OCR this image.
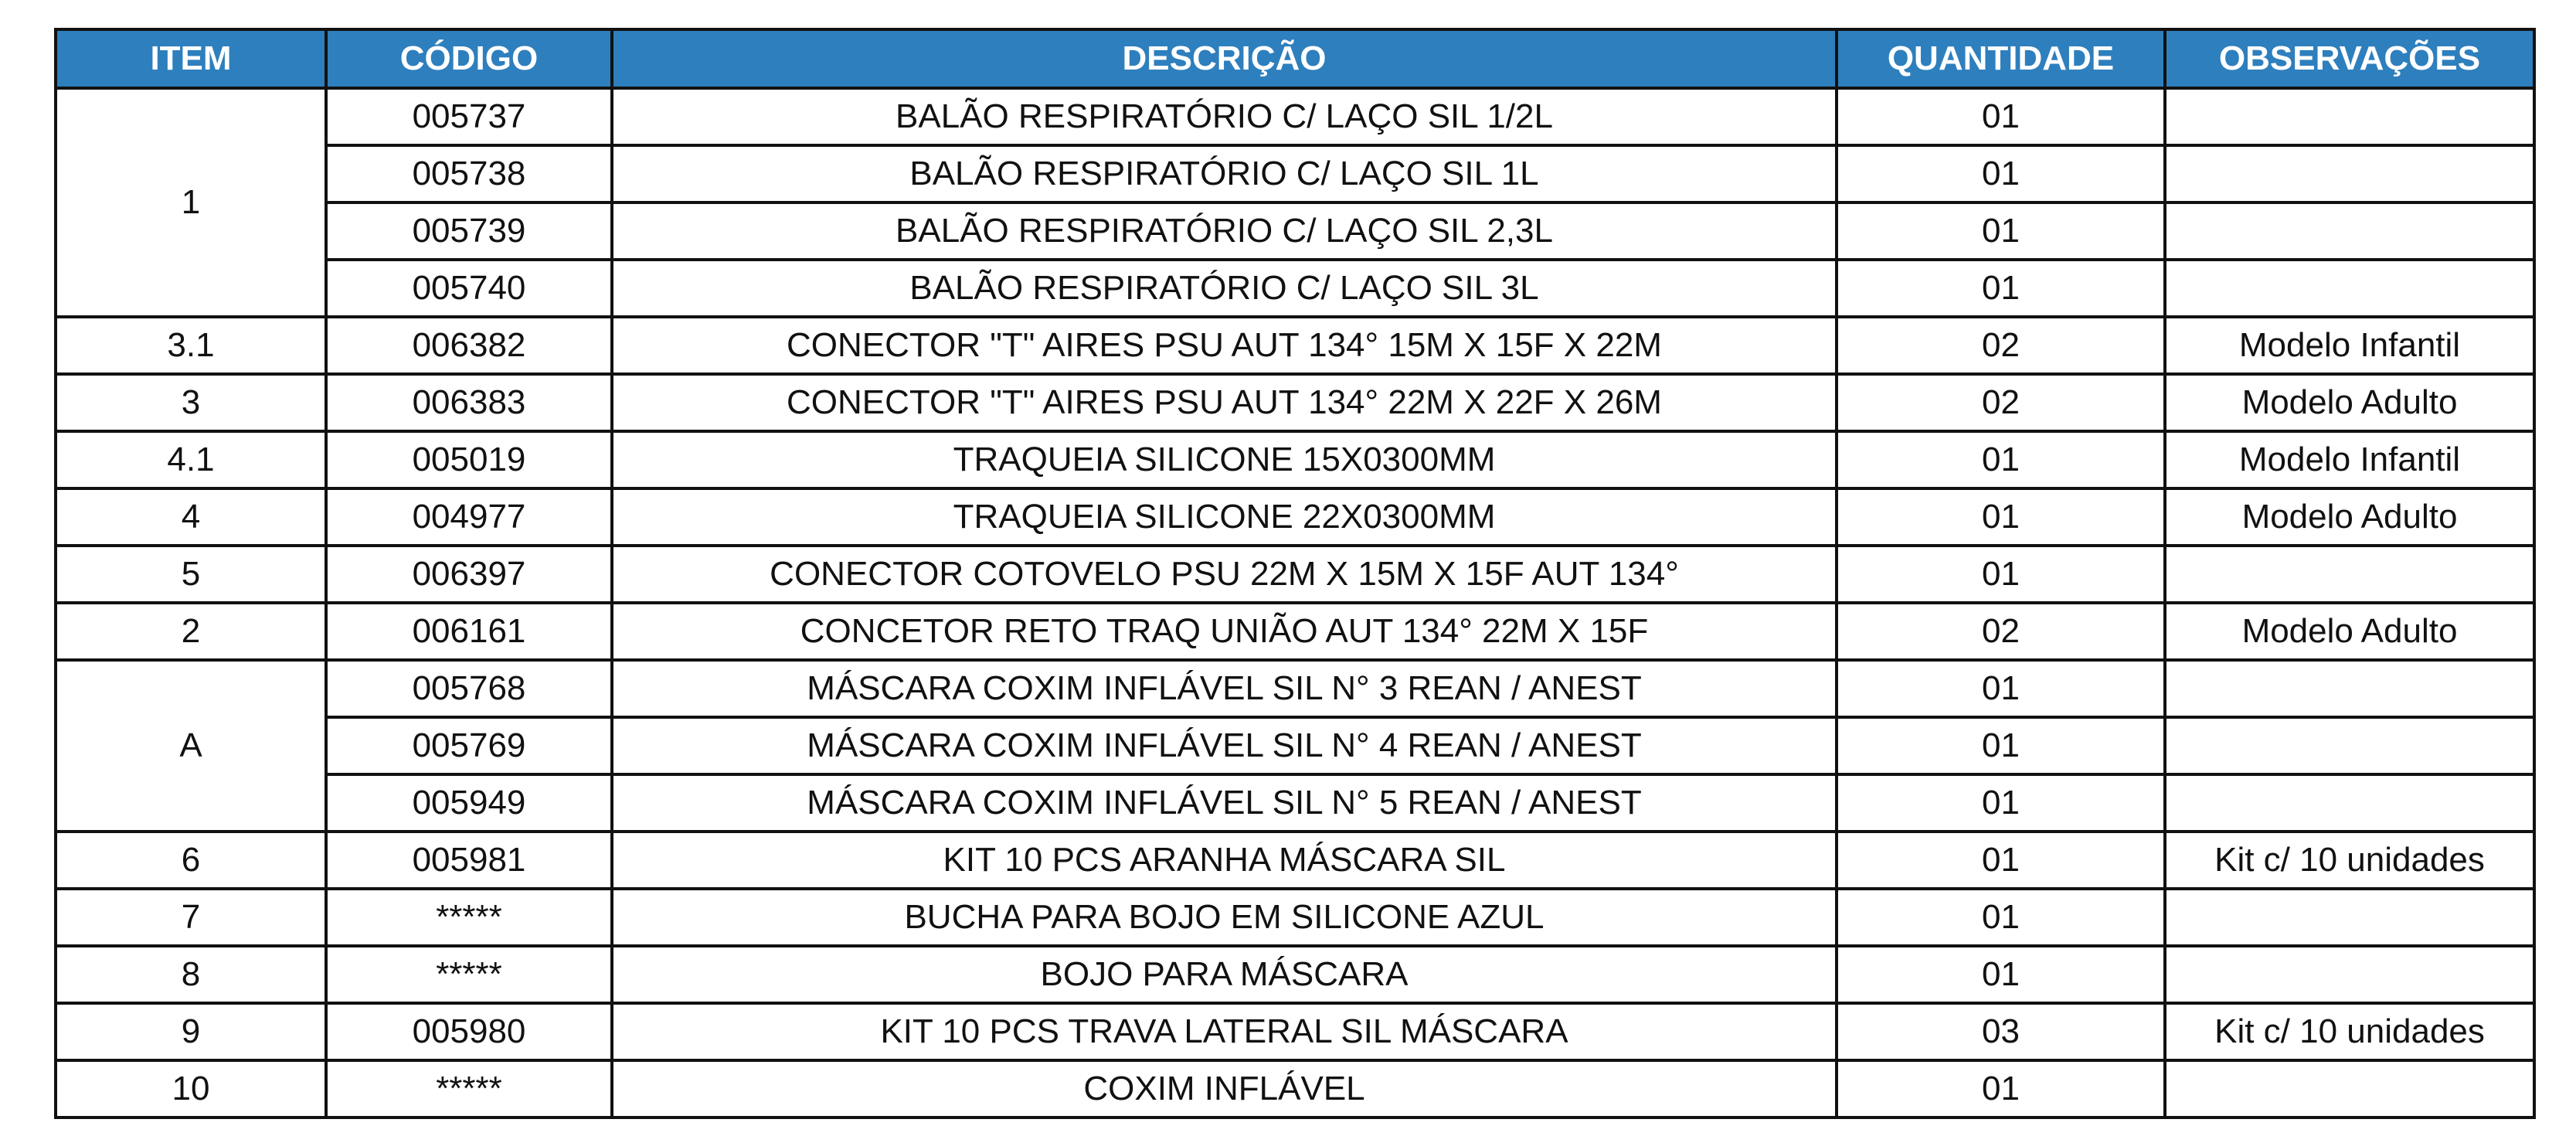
ITEM	CÓDIGO	DESCRIÇÃO	QUANTIDADE	OBSERVAÇÕES
1	005737	BALÃO RESPIRATÓRIO C/ LAÇO SIL 1/2L	01	
	005738	BALÃO RESPIRATÓRIO C/ LAÇO SIL 1L	01	
	005739	BALÃO RESPIRATÓRIO C/ LAÇO SIL 2,3L	01	
	005740	BALÃO RESPIRATÓRIO C/ LAÇO SIL 3L	01	
3.1	006382	CONECTOR "T" AIRES PSU AUT 134° 15M X 15F X 22M	02	Modelo Infantil
3	006383	CONECTOR "T" AIRES PSU AUT 134° 22M X 22F X 26M	02	Modelo Adulto
4.1	005019	TRAQUEIA SILICONE 15X0300MM	01	Modelo Infantil
4	004977	TRAQUEIA SILICONE 22X0300MM	01	Modelo Adulto
5	006397	CONECTOR COTOVELO PSU 22M X 15M X 15F AUT 134°	01	
2	006161	CONCETOR RETO TRAQ UNIÃO AUT 134° 22M X 15F	02	Modelo Adulto
A	005768	MÁSCARA COXIM INFLÁVEL SIL N° 3 REAN / ANEST	01	
	005769	MÁSCARA COXIM INFLÁVEL SIL N° 4 REAN / ANEST	01	
	005949	MÁSCARA COXIM INFLÁVEL SIL N° 5 REAN / ANEST	01	
6	005981	KIT 10 PCS ARANHA MÁSCARA SIL	01	Kit c/ 10 unidades
7	*****	BUCHA PARA BOJO EM SILICONE AZUL	01	
8	*****	BOJO PARA MÁSCARA	01	
9	005980	KIT 10 PCS TRAVA LATERAL SIL MÁSCARA	03	Kit c/ 10 unidades
10	*****	COXIM INFLÁVEL	01	
